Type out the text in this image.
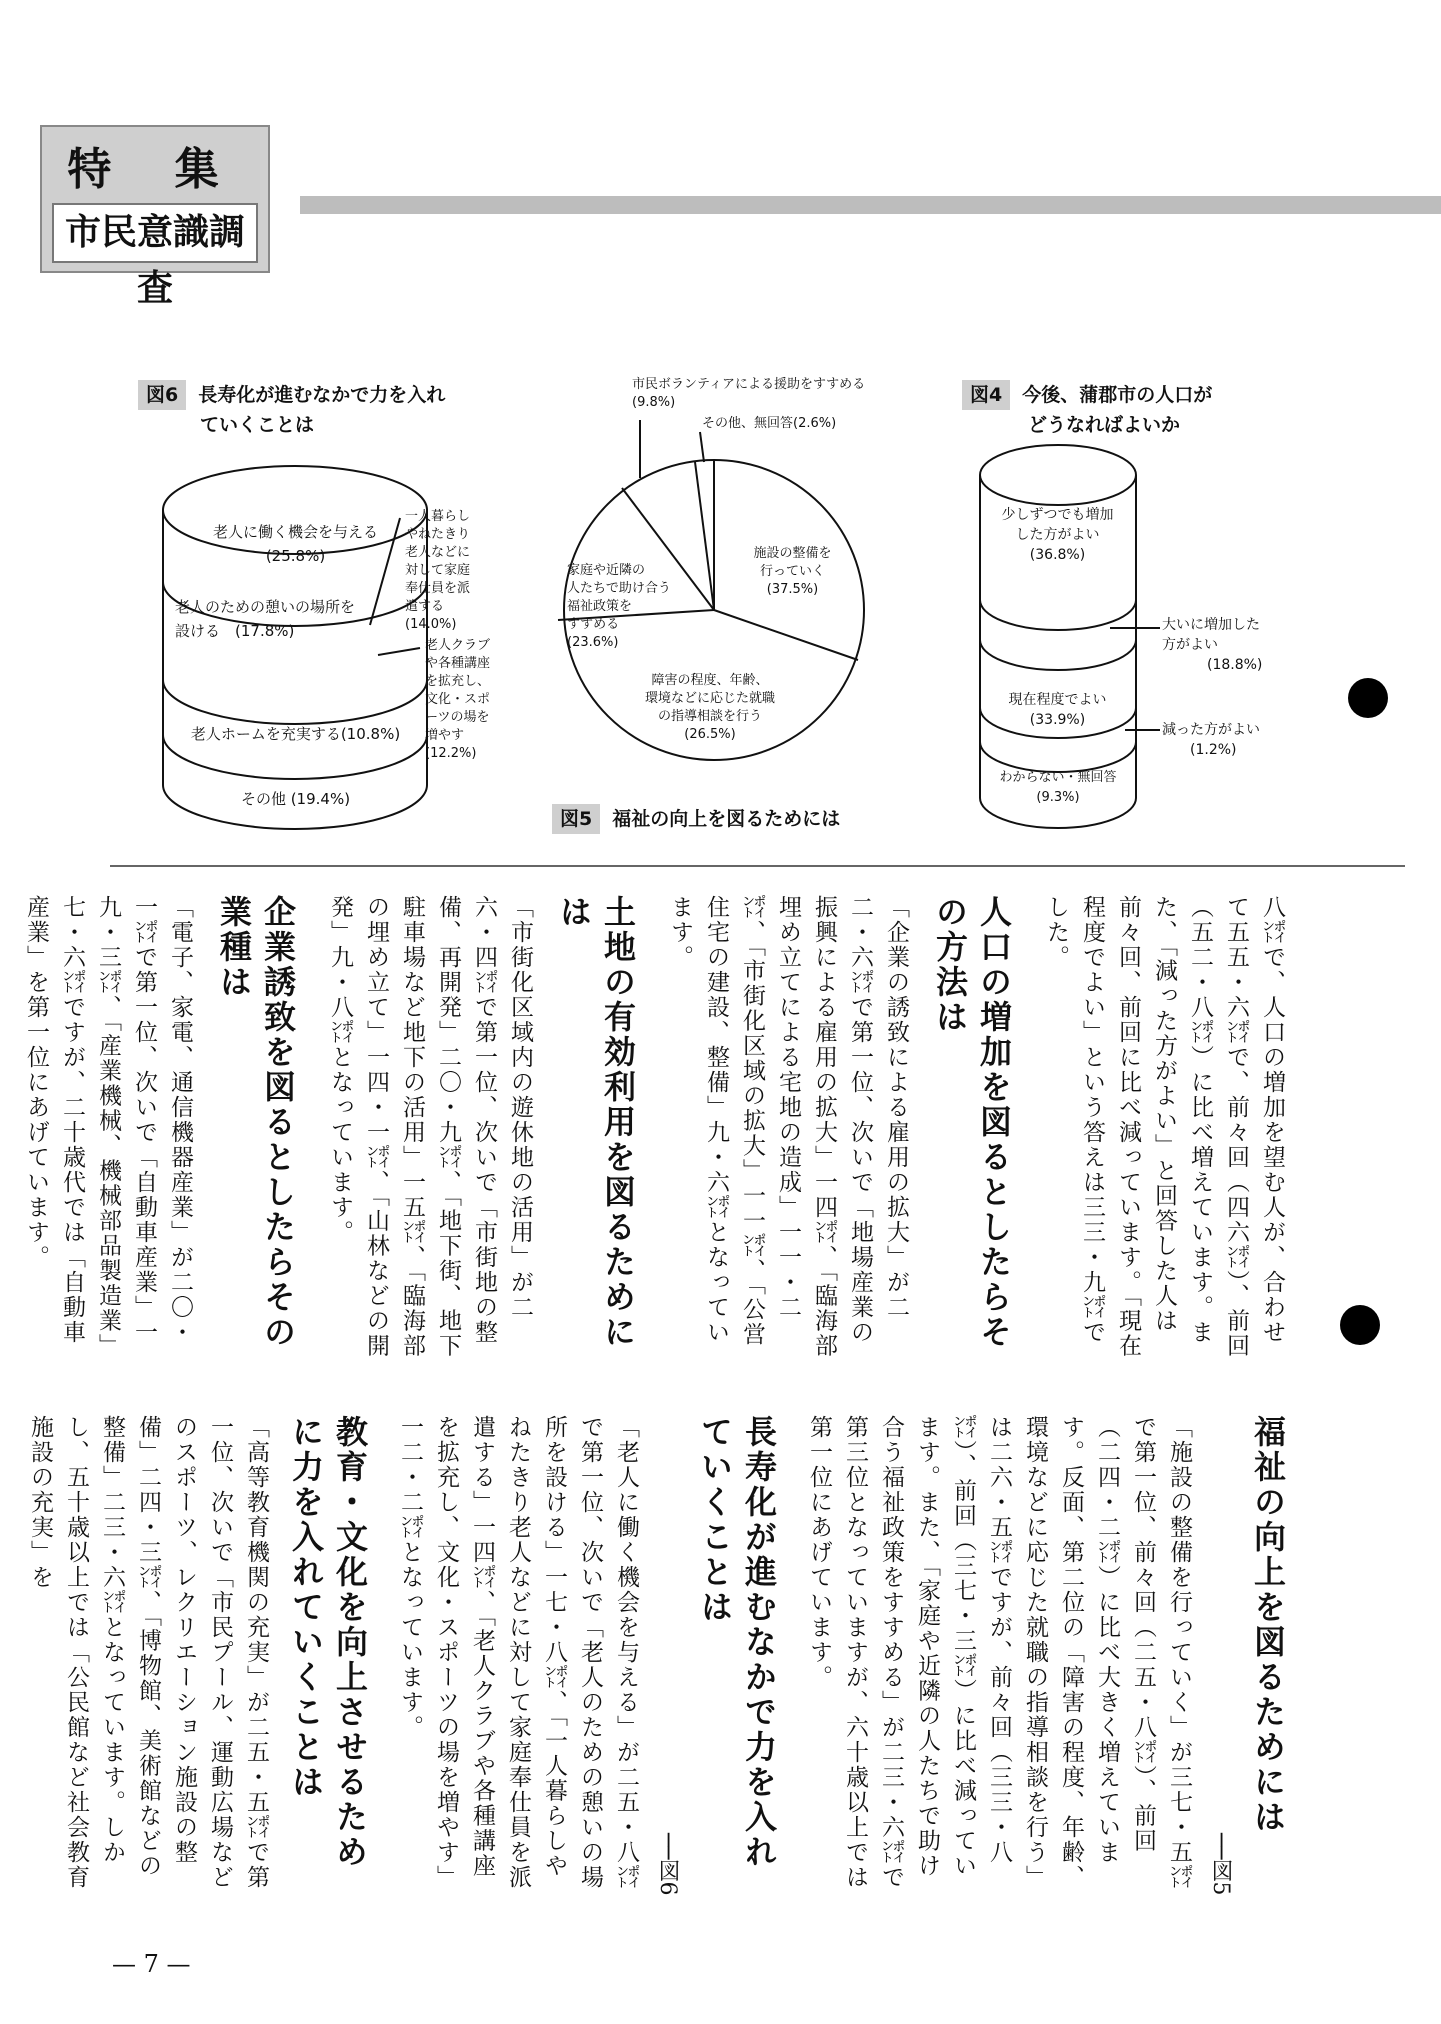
特 集
市民意識調査
図6 長寿化が進むなかで力を入れ
ていくことは
図5 福祉の向上を図るためには
図4 今後、蒲郡市の人口が
どうなればよいか
老人に働く機会を与える
(25.8%)
老人のための憩いの場所を
設ける　(17.8%)
老人ホームを充実する(10.8%)
その他 (19.4%)
一人暮らし
やねたきり
老人などに
対して家庭
奉仕員を派
遣する
(14.0%)
老人クラブ
や各種講座
を拡充し、
文化・スポ
ーツの場を
増やす
(12.2%)
施設の整備を
行っていく
(37.5%)
障害の程度、年齢、
環境などに応じた就職
の指導相談を行う
(26.5%)
家庭や近隣の
人たちで助け合う
福祉政策を
すすめる
(23.6%)
市民ボランティアによる援助をすすめる
(9.8%)
その他、無回答(2.6%)
少しずつでも増加
した方がよい
(36.8%)
大いに増加した
方がよい
(18.8%)
現在程度でよい
(33.9%)
減った方がよい
(1.2%)
わからない・無回答
(9.3%)
八㌽で、人口の増加を望む人が、合わせて五五・六㌽で、前々回（四六㌽）、前回（五二・八㌽）に比べ増えています。また、「減った方がよい」と回答した人は前々回、前回に比べ減っています。「現在程度でよい」という答えは三三・九㌽でした。
人口の増加を図るとしたらその方法は
「企業の誘致による雇用の拡大」が二二・六㌽で第一位、次いで「地場産業の振興による雇用の拡大」一四㌽、「臨海部埋め立てによる宅地の造成」一一・二㌽、「市街化区域の拡大」一一㌽、「公営住宅の建設、整備」九・六㌽となっています。
土地の有効利用を図るためには
「市街化区域内の遊休地の活用」が二六・四㌽で第一位、次いで「市街地の整備、再開発」二〇・九㌽、「地下街、地下駐車場など地下の活用」一五㌽、「臨海部の埋め立て」一四・一㌽、「山林などの開発」九・八㌽となっています。
企業誘致を図るとしたらその業種は
「電子、家電、通信機器産業」が二〇・一㌽で第一位、次いで「自動車産業」一九・三㌽、「産業機械、機械部品製造業」七・六㌽ですが、二十歳代では「自動車産業」を第一位にあげています。
福祉の向上を図るためには
──図5
「施設の整備を行っていく」が三七・五㌽で第一位、前々回（二五・八㌽）、前回（二四・二㌽）に比べ大きく増えています。反面、第二位の「障害の程度、年齢、環境などに応じた就職の指導相談を行う」は二六・五㌽ですが、前々回（三三・八㌽）、前回（三七・三㌽）に比べ減っています。また、「家庭や近隣の人たちで助け合う福祉政策をすすめる」が二三・六㌽で第三位となっていますが、六十歳以上では第一位にあげています。
長寿化が進むなかで力を入れていくことは
──図6
「老人に働く機会を与える」が二五・八㌽で第一位、次いで「老人のための憩いの場所を設ける」一七・八㌽、「一人暮らしやねたきり老人などに対して家庭奉仕員を派遣する」一四㌽、「老人クラブや各種講座を拡充し、文化・スポーツの場を増やす」一二・二㌽となっています。
教育・文化を向上させるために力を入れていくことは
「高等教育機関の充実」が二五・五㌽で第一位、次いで「市民プール、運動広場などのスポーツ、レクリエーション施設の整備」二四・三㌽、「博物館、美術館などの整備」二三・六㌽となっています。しかし、五十歳以上では「公民館など社会教育施設の充実」を
— 7 —
